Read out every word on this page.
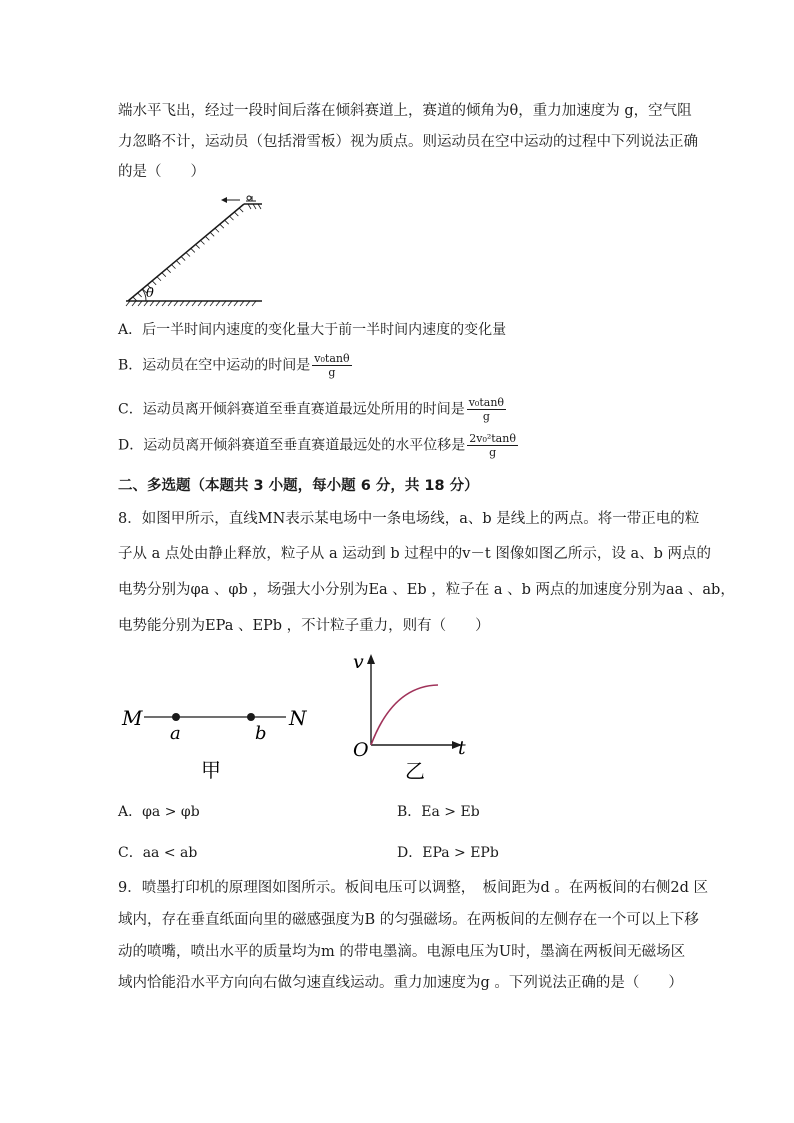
端水平飞出，经过一段时间后落在倾斜赛道上，赛道的倾角为θ，重力加速度为 g，空气阻
力忽略不计，运动员（包括滑雪板）视为质点。则运动员在空中运动的过程中下列说法正确
的是（　　）
θ
A．后一半时间内速度的变化量大于前一半时间内速度的变化量
B．运动员在空中运动的时间是 $\frac{\text{v₀tanθ}}{g}$
C．运动员离开倾斜赛道至垂直赛道最远处所用的时间是 $\frac{\text{v₀tanθ}}{g}$
D．运动员离开倾斜赛道至垂直赛道最远处的水平位移是 $\frac{\text{2v₀²tanθ}}{g}$
二、多选题（本题共 3 小题，每小题 6 分，共 18 分）
8．如图甲所示，直线MN表示某电场中一条电场线，a、b 是线上的两点。将一带正电的粒
子从 a 点处由静止释放，粒子从 a 运动到 b 过程中的v－t 图像如图乙所示，设 a、b 两点的
电势分别为φa 、φb ，场强大小分别为Ea 、Eb ，粒子在 a 、b 两点的加速度分别为aa 、ab，
电势能分别为EPa 、EPb ，不计粒子重力，则有（　　）
M	N
a	b
甲
v
O	t
乙
A．φa > φb	B．Ea > Eb
C．aa < ab	D．EPa > EPb
9．喷墨打印机的原理图如图所示。板间电压可以调整，　板间距为d 。在两板间的右侧2d 区
域内，存在垂直纸面向里的磁感强度为B 的匀强磁场。在两板间的左侧存在一个可以上下移
动的喷嘴，喷出水平的质量均为m 的带电墨滴。电源电压为U时，墨滴在两板间无磁场区
域内恰能沿水平方向向右做匀速直线运动。重力加速度为g 。下列说法正确的是（　　）
